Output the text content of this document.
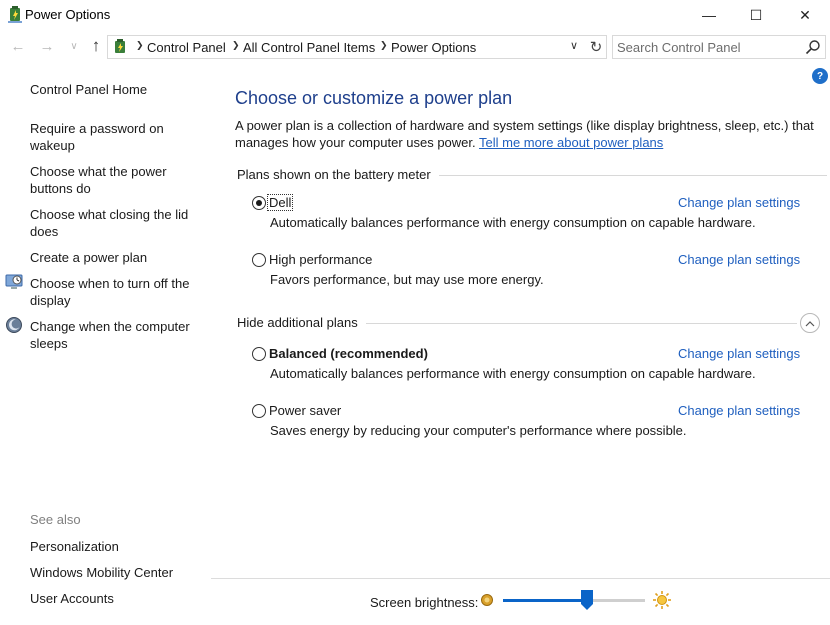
Power Options	—	☐	✕
← →	∨ ↑	❯ Control Panel ❯ All Control Panel Items ❯ Power Options	∨ ↻
Search Control Panel
?
Control Panel Home
Require a password on wakeup
Choose what the power buttons do
Choose what closing the lid does
Create a power plan
Choose when to turn off the display
Change when the computer sleeps
See also
Personalization
Windows Mobility Center
User Accounts
Choose or customize a power plan
A power plan is a collection of hardware and system settings (like display brightness, sleep, etc.) that manages how your computer uses power. Tell me more about power plans
Plans shown on the battery meter
Dell
Automatically balances performance with energy consumption on capable hardware.
Change plan settings
High performance
Favors performance, but may use more energy.
Change plan settings
Hide additional plans
Balanced (recommended)
Automatically balances performance with energy consumption on capable hardware.
Change plan settings
Power saver
Saves energy by reducing your computer's performance where possible.
Change plan settings
Screen brightness:
